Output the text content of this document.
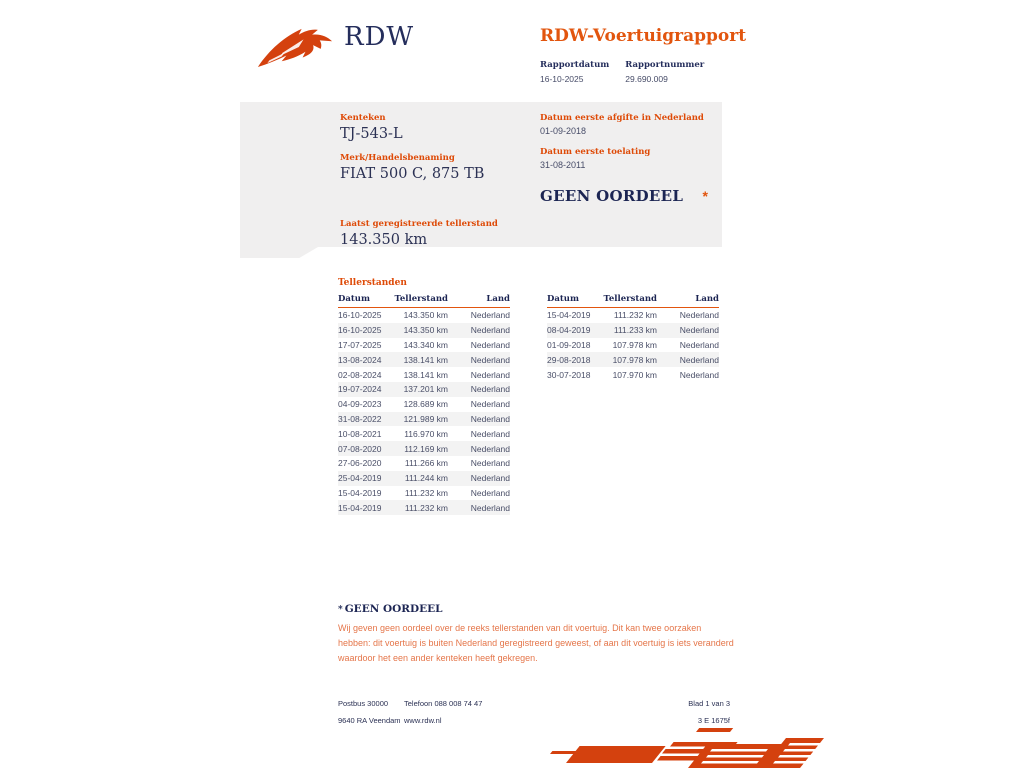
RDW	RDW-Voertuigrapport
Rapportdatum
16-10-2025
Rapportnummer
29.690.009
Kenteken
TJ-543-L
Merk/Handelsbenaming
FIAT 500 C, 875 TB
Laatst geregistreerde tellerstand
143.350 km
Datum eerste afgifte in Nederland
01-09-2018
Datum eerste toelating
31-08-2011
GEEN OORDEEL	*
Tellerstanden
Datum	Tellerstand	Land
16-10-2025	143.350 km	Nederland
16-10-2025	143.350 km	Nederland
17-07-2025	143.340 km	Nederland
13-08-2024	138.141 km	Nederland
02-08-2024	138.141 km	Nederland
19-07-2024	137.201 km	Nederland
04-09-2023	128.689 km	Nederland
31-08-2022	121.989 km	Nederland
10-08-2021	116.970 km	Nederland
07-08-2020	112.169 km	Nederland
27-06-2020	111.266 km	Nederland
25-04-2019	111.244 km	Nederland
15-04-2019	111.232 km	Nederland
15-04-2019	111.232 km	Nederland
Datum	Tellerstand	Land
15-04-2019	111.232 km	Nederland
08-04-2019	111.233 km	Nederland
01-09-2018	107.978 km	Nederland
29-08-2018	107.978 km	Nederland
30-07-2018	107.970 km	Nederland
* GEEN OORDEEL
Wij geven geen oordeel over de reeks tellerstanden van dit voertuig. Dit kan twee oorzaken hebben: dit voertuig is buiten Nederland geregistreerd geweest, of aan dit voertuig is iets veranderd waardoor het een ander kenteken heeft gekregen.
Postbus 30000	Telefoon 088 008 74 47	Blad 1 van 3
9640 RA Veendam www.rdw.nl	3 E 1675f
